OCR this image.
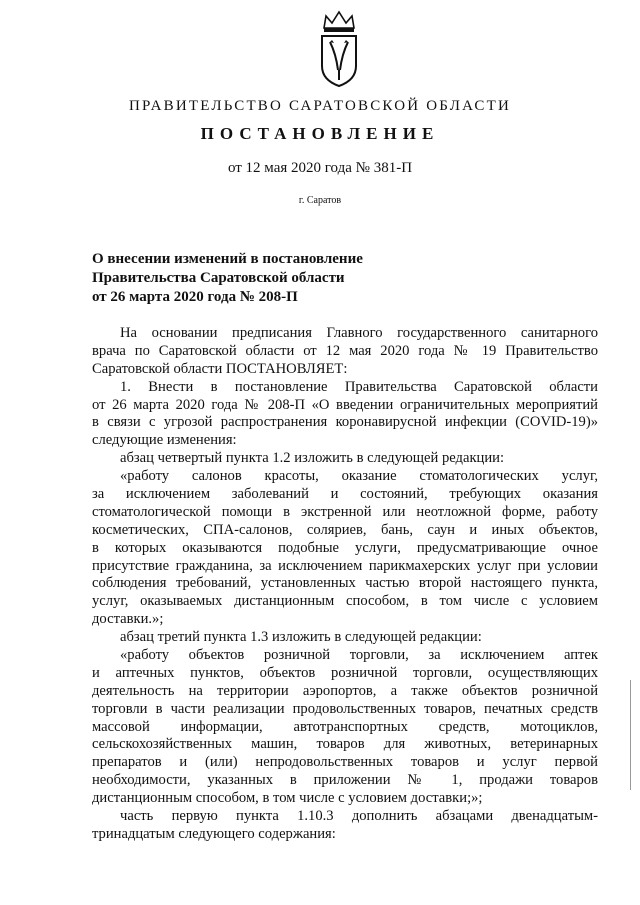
ПРАВИТЕЛЬСТВО САРАТОВСКОЙ ОБЛАСТИ
ПОСТАНОВЛЕНИЕ
от 12 мая 2020 года № 381-П
г. Саратов
О внесении изменений в постановление
Правительства Саратовской области
от 26 марта 2020 года № 208-П
На основании предписания Главного государственного санитарного
врача по Саратовской области от 12 мая 2020 года № 19 Правительство
Саратовской области ПОСТАНОВЛЯЕТ:
1. Внести в постановление Правительства Саратовской области
от 26 марта 2020 года № 208-П «О введении ограничительных мероприятий
в связи с угрозой распространения коронавирусной инфекции (COVID-19)»
следующие изменения:
абзац четвертый пункта 1.2 изложить в следующей редакции:
«работу салонов красоты, оказание стоматологических услуг,
за исключением заболеваний и состояний, требующих оказания
стоматологической помощи в экстренной или неотложной форме, работу
косметических, СПА-салонов, соляриев, бань, саун и иных объектов,
в которых оказываются подобные услуги, предусматривающие очное
присутствие гражданина, за исключением парикмахерских услуг при условии
соблюдения требований, установленных частью второй настоящего пункта,
услуг, оказываемых дистанционным способом, в том числе с условием
доставки.»;
абзац третий пункта 1.3 изложить в следующей редакции:
«работу объектов розничной торговли, за исключением аптек
и аптечных пунктов, объектов розничной торговли, осуществляющих
деятельность на территории аэропортов, а также объектов розничной
торговли в части реализации продовольственных товаров, печатных средств
массовой информации, автотранспортных средств, мотоциклов,
сельскохозяйственных машин, товаров для животных, ветеринарных
препаратов и (или) непродовольственных товаров и услуг первой
необходимости, указанных в приложении № 1, продажи товаров
дистанционным способом, в том числе с условием доставки;»;
часть первую пункта 1.10.3 дополнить абзацами двенадцатым-
тринадцатым следующего содержания:
